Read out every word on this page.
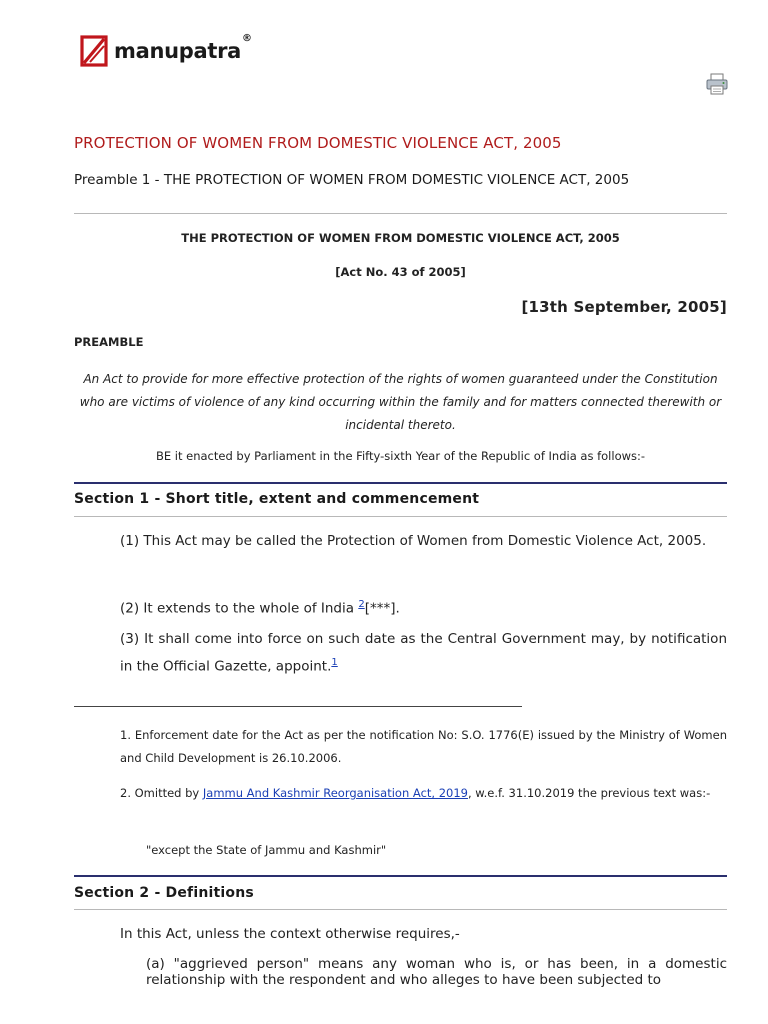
manupatra®
PROTECTION OF WOMEN FROM DOMESTIC VIOLENCE ACT, 2005
Preamble 1 - THE PROTECTION OF WOMEN FROM DOMESTIC VIOLENCE ACT, 2005
THE PROTECTION OF WOMEN FROM DOMESTIC VIOLENCE ACT, 2005
[Act No. 43 of 2005]
[13th September, 2005]
PREAMBLE
An Act to provide for more effective protection of the rights of women guaranteed under the Constitution who are victims of violence of any kind occurring within the family and for matters connected therewith or incidental thereto.
BE it enacted by Parliament in the Fifty-sixth Year of the Republic of India as follows:-
Section 1 - Short title, extent and commencement
(1) This Act may be called the Protection of Women from Domestic Violence Act, 2005.
(2) It extends to the whole of India $^2$[***].
(3) It shall come into force on such date as the Central Government may, by notification in the Official Gazette, appoint.$^1$
1. Enforcement date for the Act as per the notification No: S.O. 1776(E) issued by the Ministry of Women and Child Development is 26.10.2006.
2. Omitted by Jammu And Kashmir Reorganisation Act, 2019, w.e.f. 31.10.2019 the previous text was:-
"except the State of Jammu and Kashmir"
Section 2 - Definitions
In this Act, unless the context otherwise requires,-
(a) "aggrieved person" means any woman who is, or has been, in a domestic relationship with the respondent and who alleges to have been subjected to
